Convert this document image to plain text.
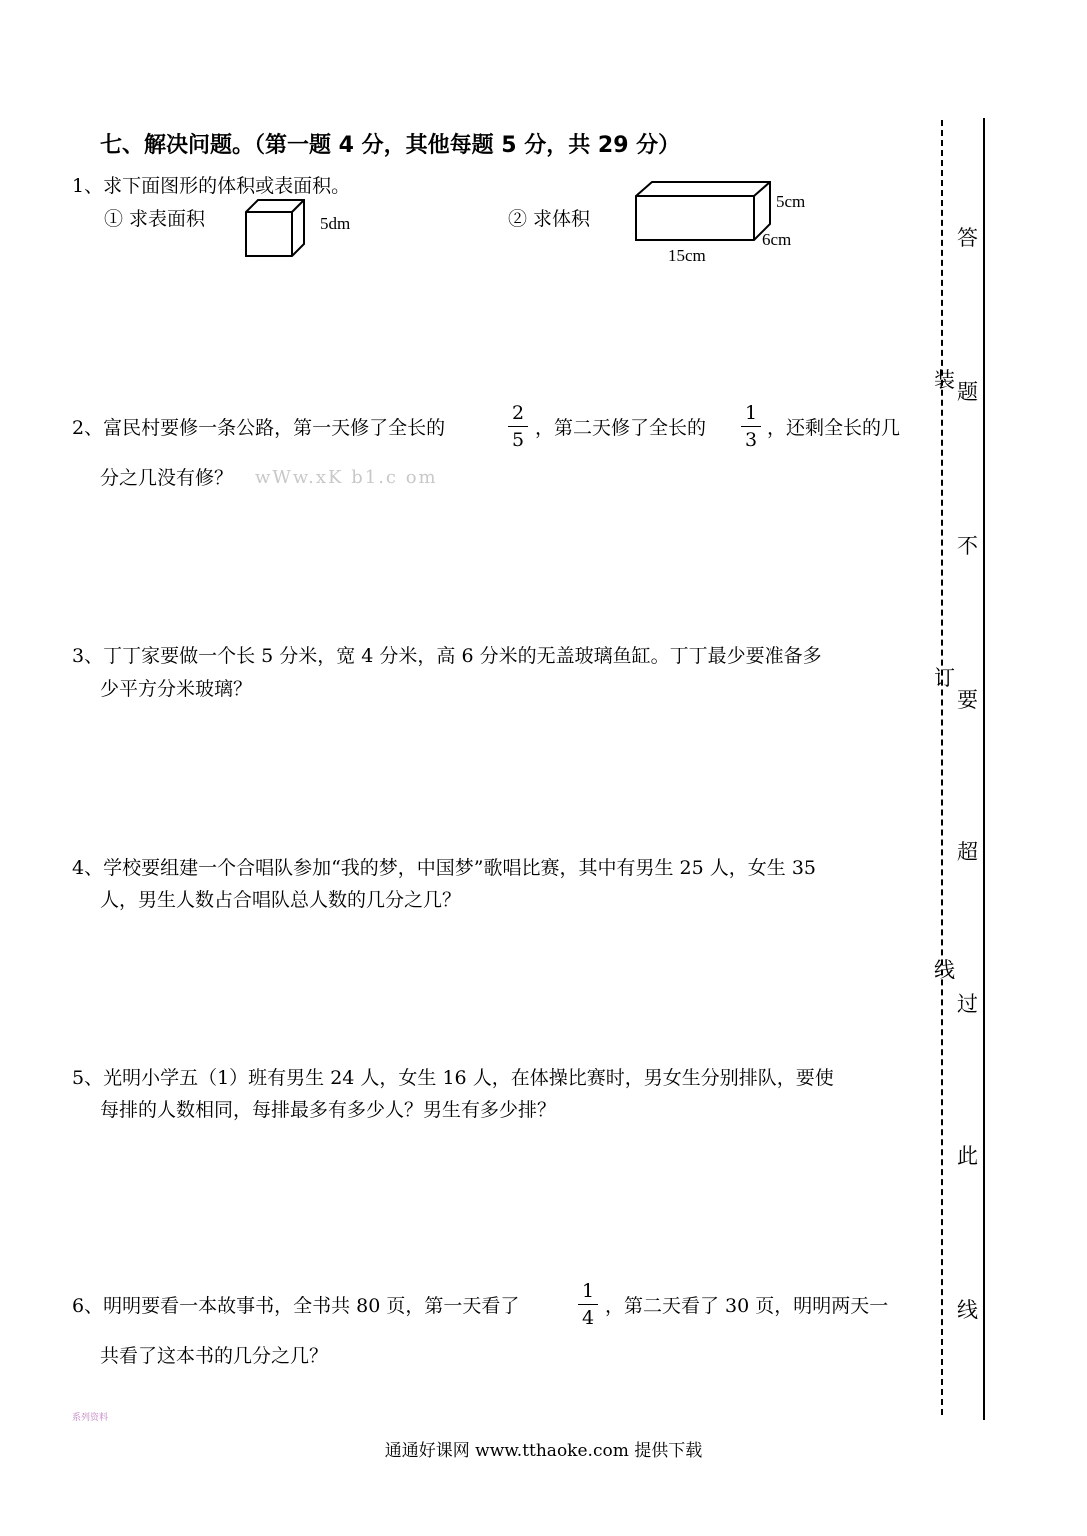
七、解决问题。（第一题 4 分，其他每题 5 分，共 29 分）
1、求下面图形的体积或表面积。
① 求表面积	5dm	② 求体积
5cm
6cm
15cm
2、富民村要修一条公路，第一天修了全长的
2
5
，第二天修了全长的
1
3
，还剩全长的几
分之几没有修？ wWw.xK b1.c om
3、丁丁家要做一个长 5 分米，宽 4 分米，高 6 分米的无盖玻璃鱼缸。丁丁最少要准备多
少平方分米玻璃？
4、学校要组建一个合唱队参加“我的梦，中国梦”歌唱比赛，其中有男生 25 人，女生 35
人，男生人数占合唱队总人数的几分之几？
5、光明小学五（1）班有男生 24 人，女生 16 人，在体操比赛时，男女生分别排队，要使
每排的人数相同，每排最多有多少人？男生有多少排？
6、明明要看一本故事书，全书共 80 页，第一天看了
1
4
，第二天看了 30 页，明明两天一
共看了这本书的几分之几？
装
订
线
答
题
不
要
超
过
此
线
系列资料
通通好课网 www.tthaoke.com 提供下载
